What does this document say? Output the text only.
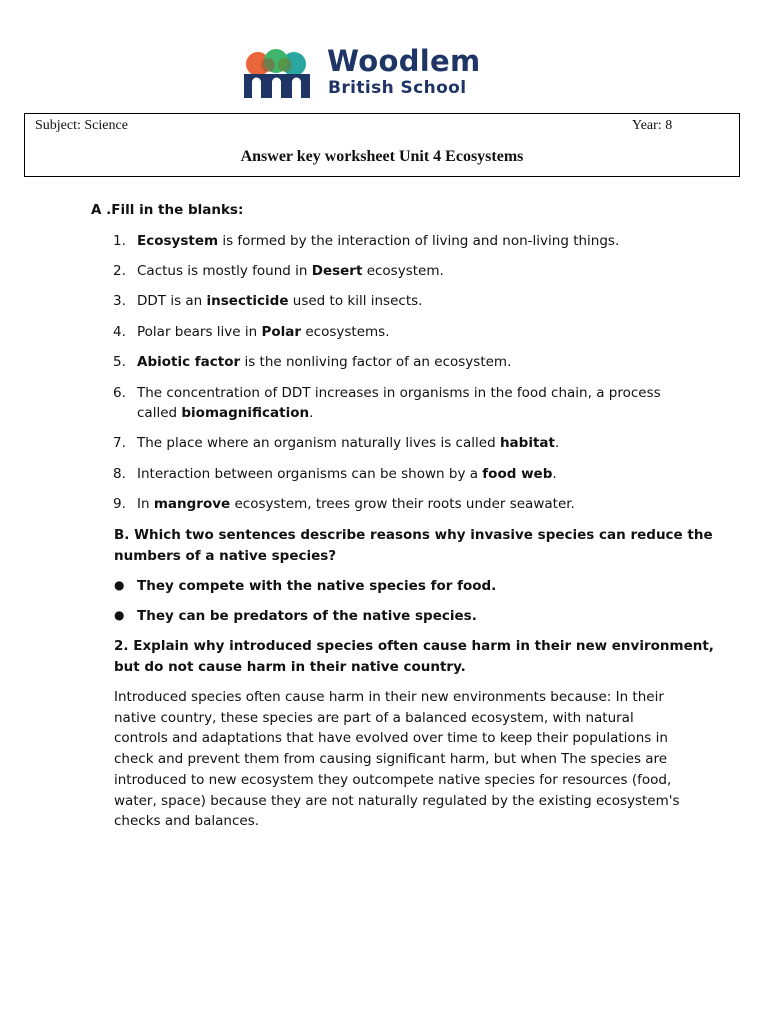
Woodlem
British School
Subject: Science	Year: 8
Answer key worksheet Unit 4 Ecosystems
A .Fill in the blanks:
1. Ecosystem is formed by the interaction of living and non-living things.
2. Cactus is mostly found in Desert ecosystem.
3. DDT is an insecticide used to kill insects.
4. Polar bears live in Polar ecosystems.
5. Abiotic factor is the nonliving factor of an ecosystem.
6. The concentration of DDT increases in organisms in the food chain, a process
called biomagnification.
7. The place where an organism naturally lives is called habitat.
8. Interaction between organisms can be shown by a food web.
9. In mangrove ecosystem, trees grow their roots under seawater.
B. Which two sentences describe reasons why invasive species can reduce the
numbers of a native species?
● They compete with the native species for food.
● They can be predators of the native species.
2. Explain why introduced species often cause harm in their new environment,
but do not cause harm in their native country.
Introduced species often cause harm in their new environments because: In their native country, these species are part of a balanced ecosystem, with natural controls and adaptations that have evolved over time to keep their populations in check and prevent them from causing significant harm, but when The species are introduced to new ecosystem they outcompete native species for resources (food, water, space) because they are not naturally regulated by the existing ecosystem's checks and balances.
